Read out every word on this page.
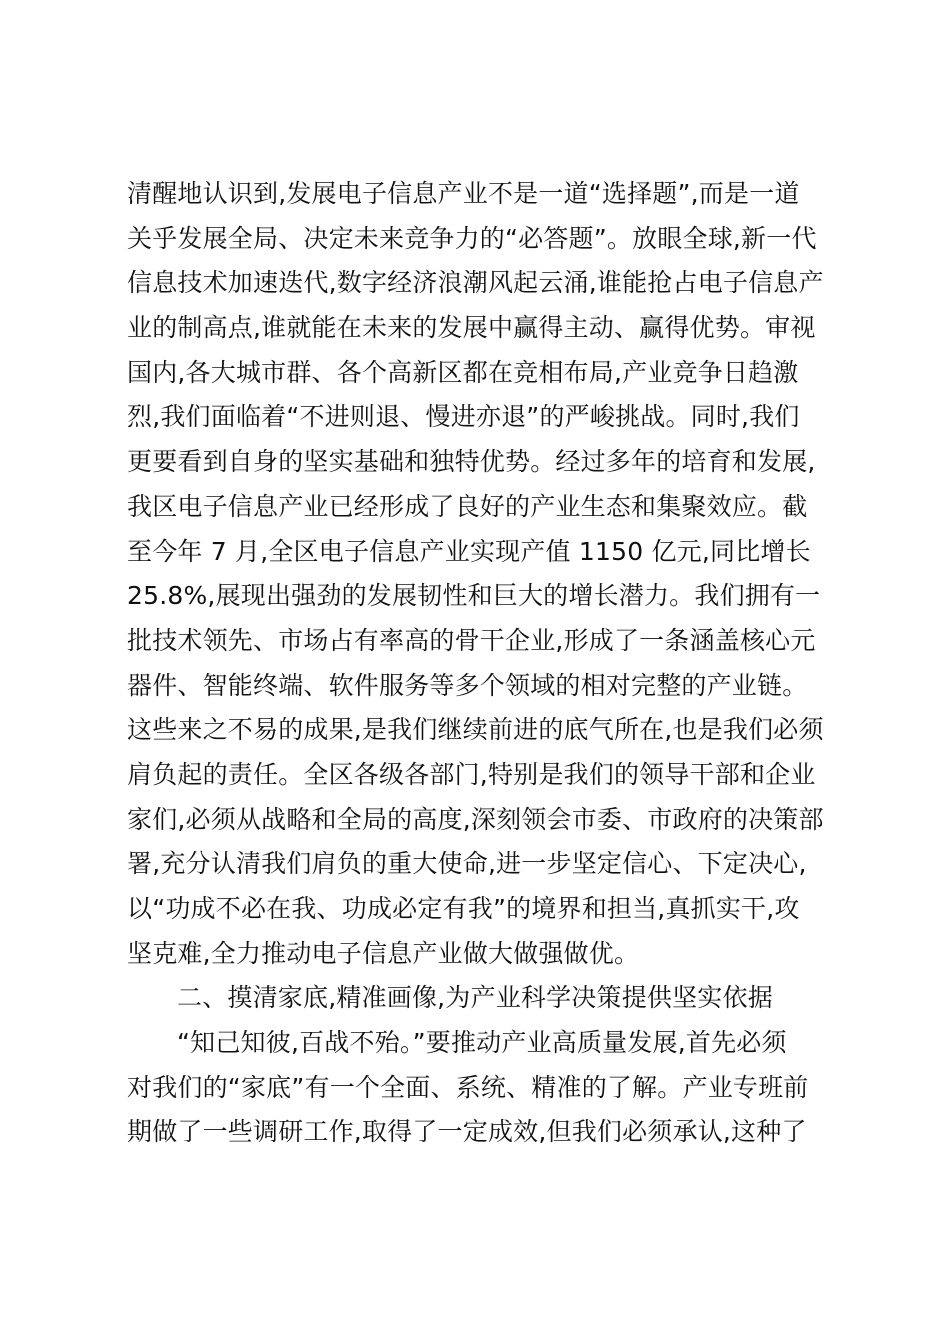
清醒地认识到,发展电子信息产业不是一道“选择题”,而是一道
关乎发展全局、决定未来竞争力的“必答题”。放眼全球,新一代
信息技术加速迭代,数字经济浪潮风起云涌,谁能抢占电子信息产
业的制高点,谁就能在未来的发展中赢得主动、赢得优势。审视
国内,各大城市群、各个高新区都在竞相布局,产业竞争日趋激
烈,我们面临着“不进则退、慢进亦退”的严峻挑战。同时,我们
更要看到自身的坚实基础和独特优势。经过多年的培育和发展,
我区电子信息产业已经形成了良好的产业生态和集聚效应。截
至今年 7 月,全区电子信息产业实现产值 1150 亿元,同比增长
25.8%,展现出强劲的发展韧性和巨大的增长潜力。我们拥有一
批技术领先、市场占有率高的骨干企业,形成了一条涵盖核心元
器件、智能终端、软件服务等多个领域的相对完整的产业链。
这些来之不易的成果,是我们继续前进的底气所在,也是我们必须
肩负起的责任。全区各级各部门,特别是我们的领导干部和企业
家们,必须从战略和全局的高度,深刻领会市委、市政府的决策部
署,充分认清我们肩负的重大使命,进一步坚定信心、下定决心,
以“功成不必在我、功成必定有我”的境界和担当,真抓实干,攻
坚克难,全力推动电子信息产业做大做强做优。
二、摸清家底,精准画像,为产业科学决策提供坚实依据
“知己知彼,百战不殆。”要推动产业高质量发展,首先必须
对我们的“家底”有一个全面、系统、精准的了解。产业专班前
期做了一些调研工作,取得了一定成效,但我们必须承认,这种了
